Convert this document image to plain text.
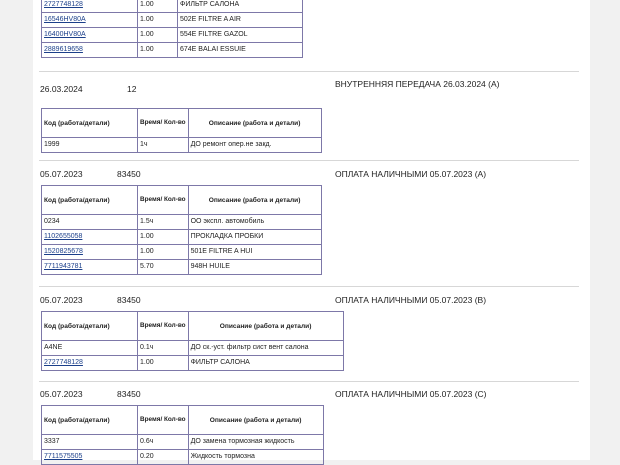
2727748128	1.00	ФИЛЬТР САЛОНА
16546HV80A	1.00	502E FILTRE A AIR
16400HV80A	1.00	554E FILTRE GAZOL
2889619658	1.00	674E BALAI ESSUIE
26.03.2024	12	ВНУТРЕННЯЯ ПЕРЕДАЧА 26.03.2024 (A)
Код (работа/детали)	Время/ Кол-во	Описание (работа и детали)
1999	1ч	ДО ремонт опер.не закд.
05.07.2023	83450	ОПЛАТА НАЛИЧНЫМИ 05.07.2023 (A)
Код (работа/детали)	Время/ Кол-во	Описание (работа и детали)
0234	1.5ч	ОО экспл. автомобиль
1102655058	1.00	ПРОКЛАДКА ПРОБКИ
1520825678	1.00	501E FILTRE A HUI
7711943781	5.70	948H HUILE
05.07.2023	83450	ОПЛАТА НАЛИЧНЫМИ 05.07.2023 (B)
Код (работа/детали)	Время/ Кол-во	Описание (работа и детали)
A4NE	0.1ч	ДО ск.-уст. фильтр сист вент салона
2727748128	1.00	ФИЛЬТР САЛОНА
05.07.2023	83450	ОПЛАТА НАЛИЧНЫМИ 05.07.2023 (C)
Код (работа/детали)	Время/ Кол-во	Описание (работа и детали)
3337	0.6ч	ДО замена тормозная жидкость
7711575505	0.20	Жидкость тормозна
